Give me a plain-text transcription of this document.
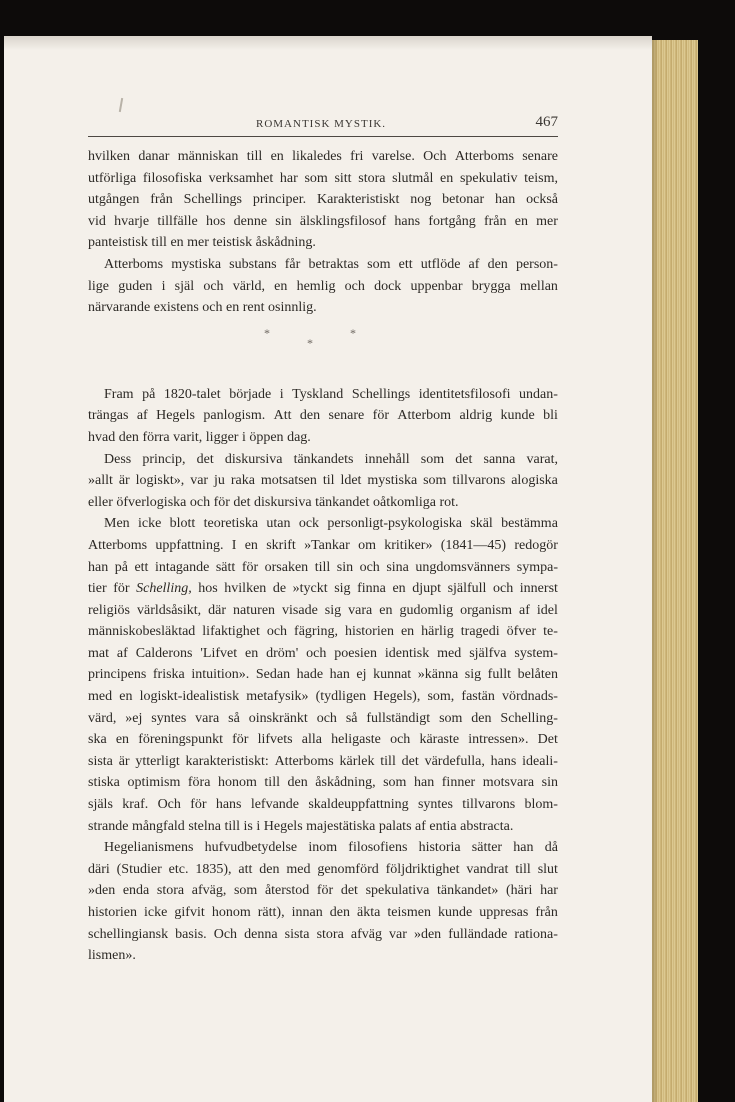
ROMANTISK MYSTIK.	467
hvilken danar människan till en likaledes fri varelse. Och Atterboms senare
utförliga filosofiska verksamhet har som sitt stora slutmål en spekulativ teism,
utgången från Schellings principer. Karakteristiskt nog betonar han också
vid hvarje tillfälle hos denne sin älsklingsfilosof hans fortgång från en mer
panteistisk till en mer teistisk åskådning.
Atterboms mystiska substans får betraktas som ett utflöde af den person-
lige guden i själ och värld, en hemlig och dock uppenbar brygga mellan
närvarande existens och en rent osinnlig.
*
*
*
Fram på 1820-talet började i Tyskland Schellings identitetsfilosofi undan-
trängas af Hegels panlogism. Att den senare för Atterbom aldrig kunde bli
hvad den förra varit, ligger i öppen dag.
Dess princip, det diskursiva tänkandets innehåll som det sanna varat,
»allt är logiskt», var ju raka motsatsen til ldet mystiska som tillvarons alogiska
eller öfverlogiska och för det diskursiva tänkandet oåtkomliga rot.
Men icke blott teoretiska utan ock personligt-psykologiska skäl bestämma
Atterboms uppfattning. I en skrift »Tankar om kritiker» (1841—45) redogör
han på ett intagande sätt för orsaken till sin och sina ungdomsvänners sympa-
tier för Schelling, hos hvilken de »tyckt sig finna en djupt själfull och innerst
religiös världsåsikt, där naturen visade sig vara en gudomlig organism af idel
människobesläktad lifaktighet och fägring, historien en härlig tragedi öfver te-
mat af Calderons 'Lifvet en dröm' och poesien identisk med själfva system-
principens friska intuition». Sedan hade han ej kunnat »känna sig fullt belåten
med en logiskt-idealistisk metafysik» (tydligen Hegels), som, fastän vördnads-
värd, »ej syntes vara så oinskränkt och så fullständigt som den Schelling-
ska en föreningspunkt för lifvets alla heligaste och käraste intressen». Det
sista är ytterligt karakteristiskt: Atterboms kärlek till det värdefulla, hans ideali-
stiska optimism föra honom till den åskådning, som han finner motsvara sin
själs kraf. Och för hans lefvande skaldeuppfattning syntes tillvarons blom-
strande mångfald stelna till is i Hegels majestätiska palats af entia abstracta.
Hegelianismens hufvudbetydelse inom filosofiens historia sätter han då
däri (Studier etc. 1835), att den med genomförd följdriktighet vandrat till slut
»den enda stora afväg, som återstod för det spekulativa tänkandet» (häri har
historien icke gifvit honom rätt), innan den äkta teismen kunde uppresas från
schellingiansk basis. Och denna sista stora afväg var »den fulländade rationa-
lismen».
